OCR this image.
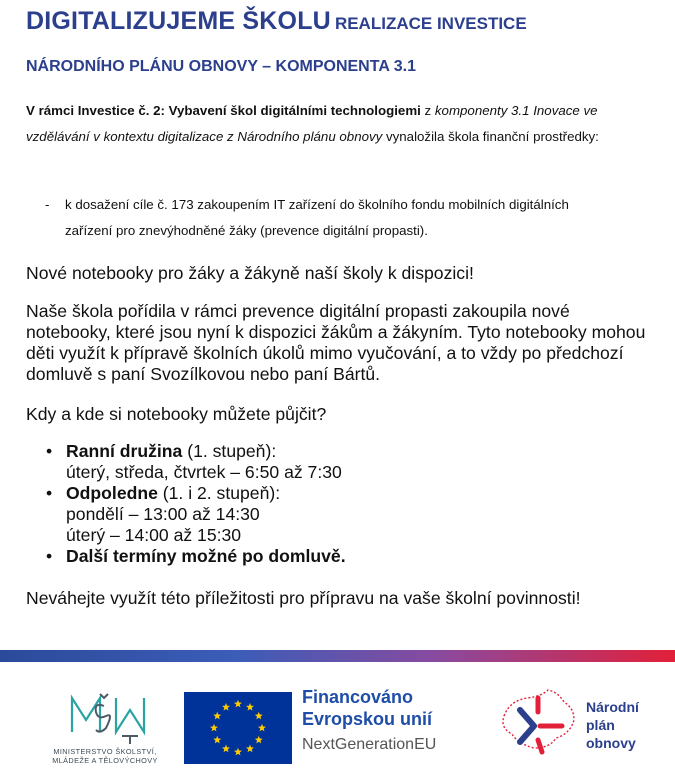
DIGITALIZUJEME ŠKOLU REALIZACE INVESTICE
NÁRODNÍHO PLÁNU OBNOVY – KOMPONENTA 3.1
V rámci Investice č. 2: Vybavení škol digitálními technologiemi z komponenty 3.1 Inovace ve vzdělávání v kontextu digitalizace z Národního plánu obnovy vynaložila škola finanční prostředky:
- k dosažení cíle č. 173 zakoupením IT zařízení do školního fondu mobilních digitálních zařízení pro znevýhodněné žáky (prevence digitální propasti).
Nové notebooky pro žáky a žákyně naší školy k dispozici!
Naše škola pořídila v rámci prevence digitální propasti zakoupila nové notebooky, které jsou nyní k dispozici žákům a žákyním. Tyto notebooky mohou děti využít k přípravě školních úkolů mimo vyučování, a to vždy po předchozí domluvě s paní Svozílkovou nebo paní Bártů.
Kdy a kde si notebooky můžete půjčit?
• Ranní družina (1. stupeň):
úterý, středa, čtvrtek – 6:50 až 7:30
• Odpoledne (1. i 2. stupeň):
pondělí – 13:00 až 14:30
úterý – 14:00 až 15:30
• Další termíny možné po domluvě.
Neváhejte využít této příležitosti pro přípravu na vaše školní povinnosti!
MINISTERSTVO ŠKOLSTVÍ,
MLÁDEŽE A TĚLOVÝCHOVY
Financováno
Evropskou unií
NextGenerationEU
Národní
plán
obnovy
